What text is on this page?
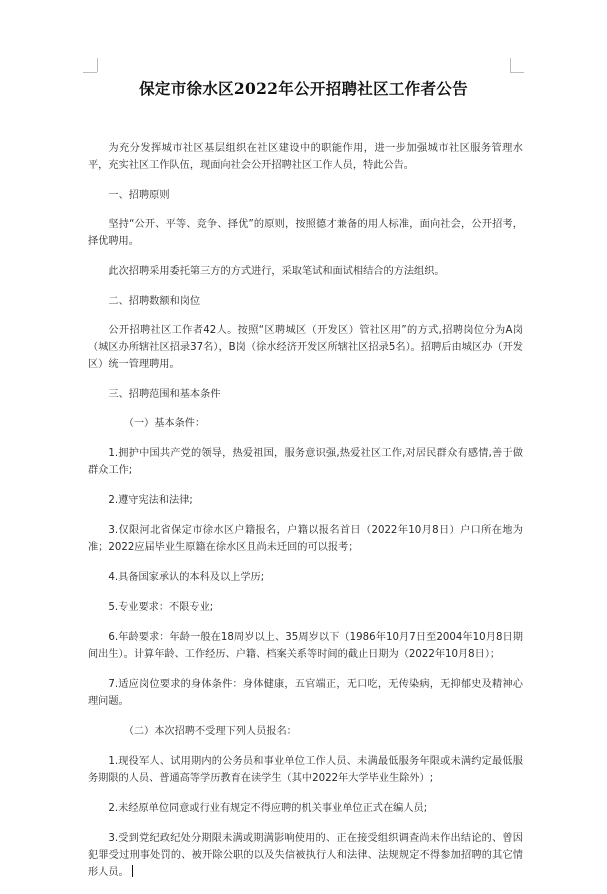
保定市徐水区2022年公开招聘社区工作者公告

为充分发挥城市社区基层组织在社区建设中的职能作用，进一步加强城市社区服务管理水平，充实社区工作队伍，现面向社会公开招聘社区工作人员，特此公告。

一、招聘原则

坚持“公开、平等、竞争、择优”的原则，按照德才兼备的用人标准，面向社会，公开招考，择优聘用。

此次招聘采用委托第三方的方式进行，采取笔试和面试相结合的方法组织。

二、招聘数额和岗位

公开招聘社区工作者42人。按照“区聘城区（开发区）管社区用”的方式,招聘岗位分为A岗（城区办所辖社区招录37名），B岗（徐水经济开发区所辖社区招录5名）。招聘后由城区办（开发区）统一管理聘用。

三、招聘范围和基本条件

（一）基本条件：

1.拥护中国共产党的领导，热爱祖国，服务意识强,热爱社区工作,对居民群众有感情,善于做群众工作;

2.遵守宪法和法律;

3.仅限河北省保定市徐水区户籍报名，户籍以报名首日（2022年10月8日）户口所在地为准；2022应届毕业生原籍在徐水区且尚未迁回的可以报考；

4.具备国家承认的本科及以上学历;

5.专业要求：不限专业;

6.年龄要求：年龄一般在18周岁以上、35周岁以下（1986年10月7日至2004年10月8日期间出生）。计算年龄、工作经历、户籍、档案关系等时间的截止日期为（2022年10月8日）；

7.适应岗位要求的身体条件：身体健康，五官端正，无口吃，无传染病，无抑郁史及精神心理问题。

（二）本次招聘不受理下列人员报名：

1.现役军人、试用期内的公务员和事业单位工作人员、未满最低服务年限或未满约定最低服务期限的人员、普通高等学历教育在读学生（其中2022年大学毕业生除外）;

2.未经原单位同意或行业有规定不得应聘的机关事业单位正式在编人员;

3.受到党纪政纪处分期限未满或期满影响使用的、正在接受组织调查尚未作出结论的、曾因犯罪受过刑事处罚的、被开除公职的以及失信被执行人和法律、法规规定不得参加招聘的其它情形人员。
